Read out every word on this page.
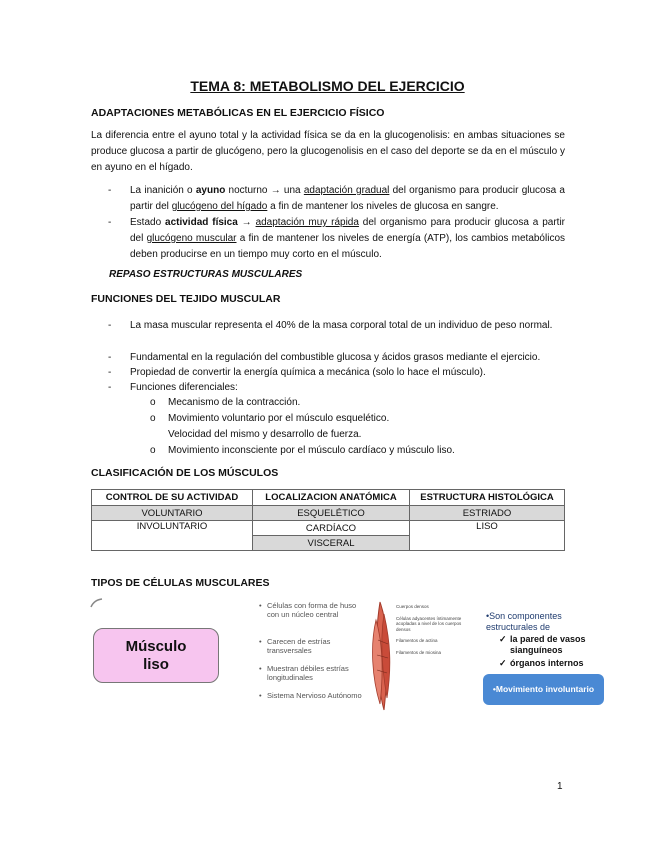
TEMA 8: METABOLISMO DEL EJERCICIO
ADAPTACIONES METABÓLICAS EN EL EJERCICIO FÍSICO
La diferencia entre el ayuno total y la actividad física se da en la glucogenolisis: en ambas situaciones se produce glucosa a partir de glucógeno, pero la glucogenolisis en el caso del deporte se da en el músculo y en ayuno en el hígado.
- La inanición o ayuno nocturno → una adaptación gradual del organismo para producir glucosa a partir del glucógeno del hígado a fin de mantener los niveles de glucosa en sangre.
- Estado actividad física → adaptación muy rápida del organismo para producir glucosa a partir del glucógeno muscular a fin de mantener los niveles de energía (ATP), los cambios metabólicos deben producirse en un tiempo muy corto en el músculo.
REPASO ESTRUCTURAS MUSCULARES
FUNCIONES DEL TEJIDO MUSCULAR
- La masa muscular representa el 40% de la masa corporal total de un individuo de peso normal.
- Fundamental en la regulación del combustible glucosa y ácidos grasos mediante el ejercicio.
- Propiedad de convertir la energía química a mecánica (solo lo hace el músculo).
- Funciones diferenciales:
o Mecanismo de la contracción.
o Movimiento voluntario por el músculo esquelético.
Velocidad del mismo y desarrollo de fuerza.
o Movimiento inconsciente por el músculo cardíaco y músculo liso.
CLASIFICACIÓN DE LOS MÚSCULOS
CONTROL DE SU ACTIVIDAD	LOCALIZACION ANATÓMICA	ESTRUCTURA HISTOLÓGICA
VOLUNTARIO	ESQUELÉTICO	ESTRIADO
INVOLUNTARIO	CARDÍACO	LISO
	VISCERAL	
TIPOS DE CÉLULAS MUSCULARES
Músculo
liso
• Células con forma de huso con un núcleo central
• Carecen de estrías transversales
• Muestran débiles estrías longitudinales
• Sistema Nervioso Autónomo
Cuerpos densos
Células adyacentes íntimamente acopladas a nivel de los cuerpos densos
Filamentos de actina
Filamentos de miosina
•Son componentes estructurales de
✓ la pared de vasos sianguíneos
✓ órganos internos
•Movimiento involuntario
1
